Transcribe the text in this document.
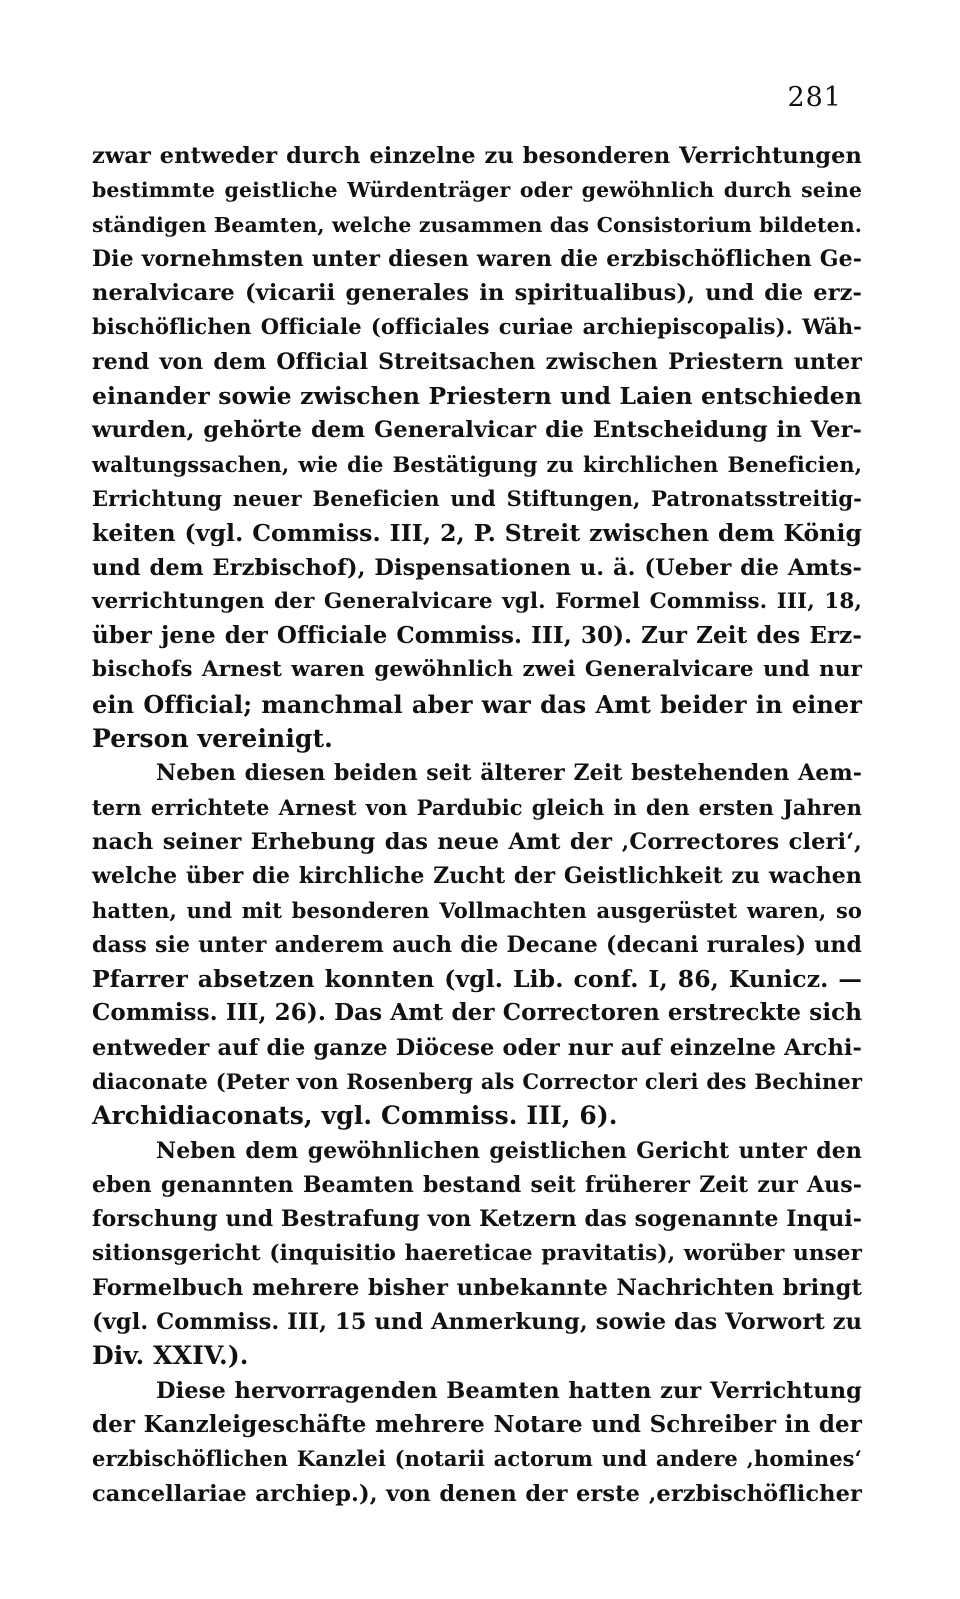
281
zwar entweder durch einzelne zu besonderen Verrichtungen
bestimmte geistliche Würdenträger oder gewöhnlich durch seine
ständigen Beamten, welche zusammen das Consistorium bildeten.
Die vornehmsten unter diesen waren die erzbischöflichen Ge-
neralvicare (vicarii generales in spiritualibus), und die erz-
bischöflichen Officiale (officiales curiae archiepiscopalis). Wäh-
rend von dem Official Streitsachen zwischen Priestern unter
einander sowie zwischen Priestern und Laien entschieden
wurden, gehörte dem Generalvicar die Entscheidung in Ver-
waltungssachen, wie die Bestätigung zu kirchlichen Beneficien,
Errichtung neuer Beneficien und Stiftungen, Patronatsstreitig-
keiten (vgl. Commiss. III, 2, P. Streit zwischen dem König
und dem Erzbischof), Dispensationen u. ä. (Ueber die Amts-
verrichtungen der Generalvicare vgl. Formel Commiss. III, 18,
über jene der Officiale Commiss. III, 30). Zur Zeit des Erz-
bischofs Arnest waren gewöhnlich zwei Generalvicare und nur
ein Official; manchmal aber war das Amt beider in einer
Person vereinigt.
Neben diesen beiden seit älterer Zeit bestehenden Aem-
tern errichtete Arnest von Pardubic gleich in den ersten Jahren
nach seiner Erhebung das neue Amt der ‚Correctores cleri‘,
welche über die kirchliche Zucht der Geistlichkeit zu wachen
hatten, und mit besonderen Vollmachten ausgerüstet waren, so
dass sie unter anderem auch die Decane (decani rurales) und
Pfarrer absetzen konnten (vgl. Lib. conf. I, 86, Kunicz. —
Commiss. III, 26). Das Amt der Correctoren erstreckte sich
entweder auf die ganze Diöcese oder nur auf einzelne Archi-
diaconate (Peter von Rosenberg als Corrector cleri des Bechiner
Archidiaconats, vgl. Commiss. III, 6).
Neben dem gewöhnlichen geistlichen Gericht unter den
eben genannten Beamten bestand seit früherer Zeit zur Aus-
forschung und Bestrafung von Ketzern das sogenannte Inqui-
sitionsgericht (inquisitio haereticae pravitatis), worüber unser
Formelbuch mehrere bisher unbekannte Nachrichten bringt
(vgl. Commiss. III, 15 und Anmerkung, sowie das Vorwort zu
Div. XXIV.).
Diese hervorragenden Beamten hatten zur Verrichtung
der Kanzleigeschäfte mehrere Notare und Schreiber in der
erzbischöflichen Kanzlei (notarii actorum und andere ‚homines‘
cancellariae archiep.), von denen der erste ‚erzbischöflicher
